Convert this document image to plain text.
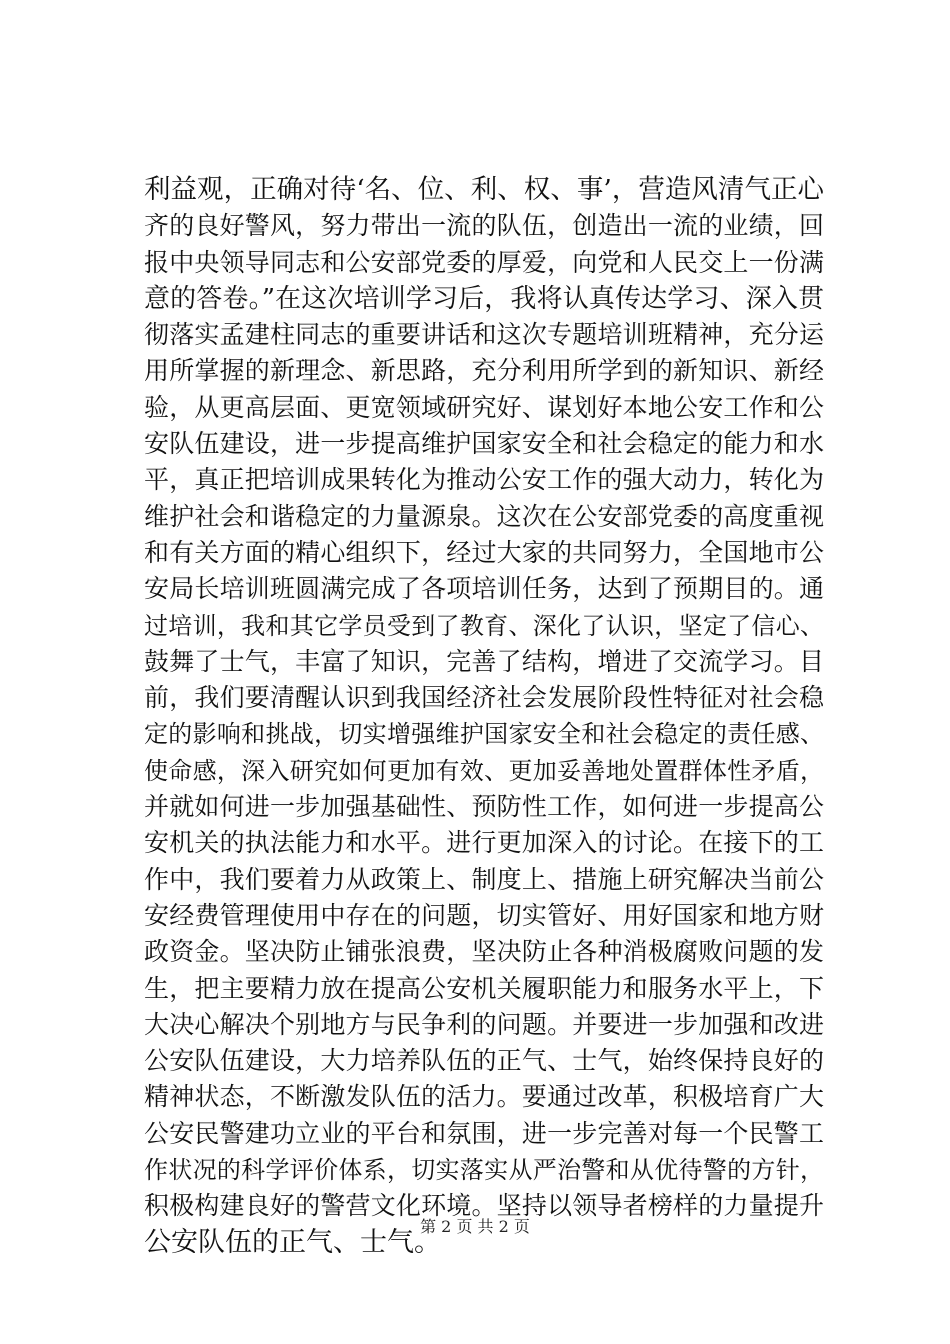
利益观，正确对待‘名、位、利、权、事’，营造风清气正心
齐的良好警风，努力带出一流的队伍，创造出一流的业绩，回
报中央领导同志和公安部党委的厚爱，向党和人民交上一份满
意的答卷。”在这次培训学习后，我将认真传达学习、深入贯
彻落实孟建柱同志的重要讲话和这次专题培训班精神，充分运
用所掌握的新理念、新思路，充分利用所学到的新知识、新经
验，从更高层面、更宽领域研究好、谋划好本地公安工作和公
安队伍建设，进一步提高维护国家安全和社会稳定的能力和水
平，真正把培训成果转化为推动公安工作的强大动力，转化为
维护社会和谐稳定的力量源泉。这次在公安部党委的高度重视
和有关方面的精心组织下，经过大家的共同努力，全国地市公
安局长培训班圆满完成了各项培训任务，达到了预期目的。通
过培训，我和其它学员受到了教育、深化了认识，坚定了信心、
鼓舞了士气，丰富了知识，完善了结构，增进了交流学习。目
前，我们要清醒认识到我国经济社会发展阶段性特征对社会稳
定的影响和挑战，切实增强维护国家安全和社会稳定的责任感、
使命感，深入研究如何更加有效、更加妥善地处置群体性矛盾，
并就如何进一步加强基础性、预防性工作，如何进一步提高公
安机关的执法能力和水平。进行更加深入的讨论。在接下的工
作中，我们要着力从政策上、制度上、措施上研究解决当前公
安经费管理使用中存在的问题，切实管好、用好国家和地方财
政资金。坚决防止铺张浪费，坚决防止各种消极腐败问题的发
生，把主要精力放在提高公安机关履职能力和服务水平上，下
大决心解决个别地方与民争利的问题。并要进一步加强和改进
公安队伍建设，大力培养队伍的正气、士气，始终保持良好的
精神状态，不断激发队伍的活力。要通过改革，积极培育广大
公安民警建功立业的平台和氛围，进一步完善对每一个民警工
作状况的科学评价体系，切实落实从严治警和从优待警的方针，
积极构建良好的警营文化环境。坚持以领导者榜样的力量提升
公安队伍的正气、士气。
第 2 页 共 2 页
